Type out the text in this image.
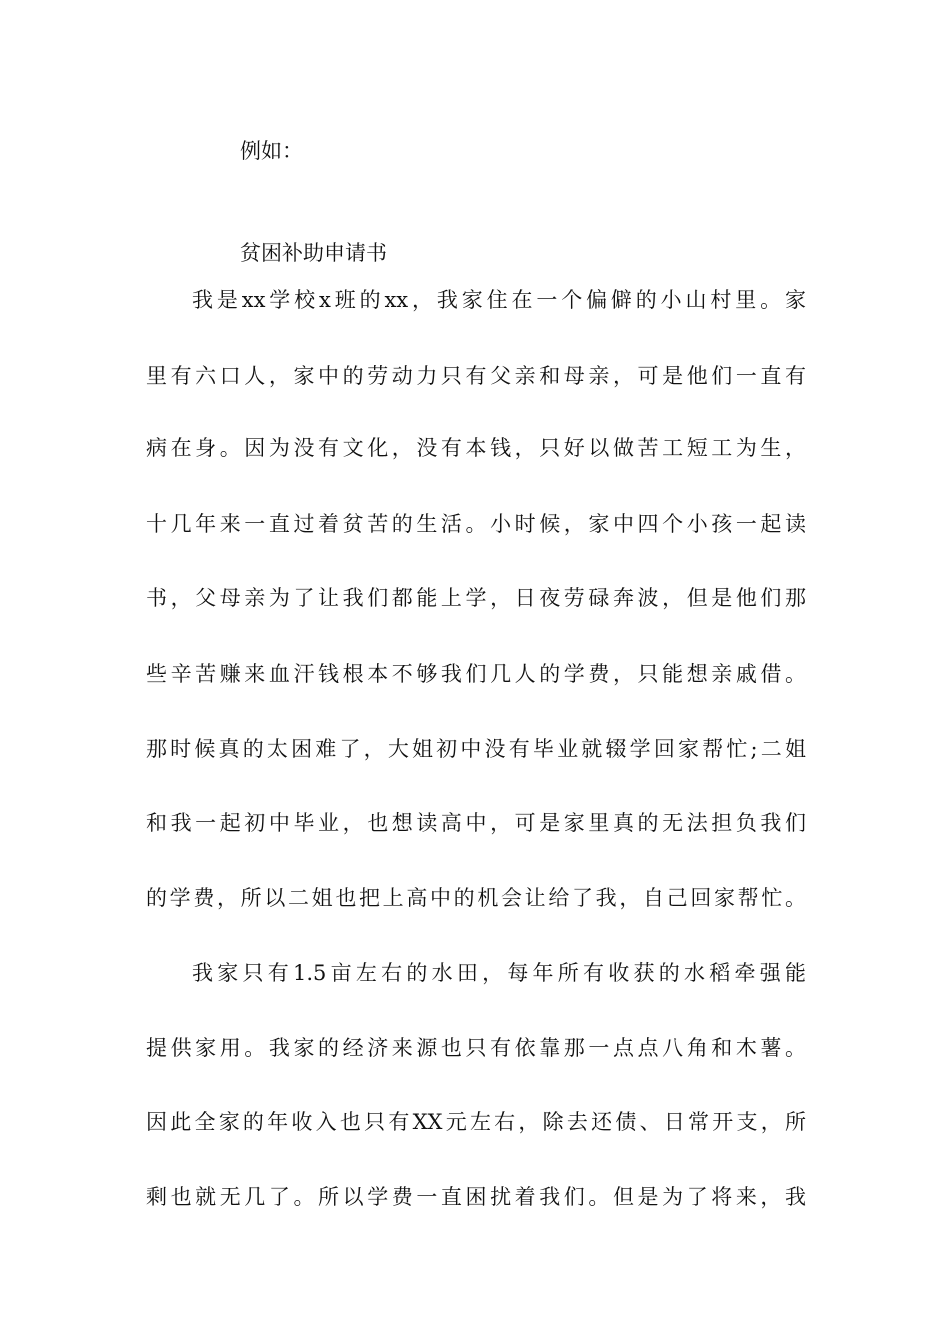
例如：
贫困补助申请书
我是xx学校x班的xx，我家住在一个偏僻的小山村里。家
里有六口人，家中的劳动力只有父亲和母亲，可是他们一直有
病在身。因为没有文化，没有本钱，只好以做苦工短工为生，
十几年来一直过着贫苦的生活。小时候，家中四个小孩一起读
书，父母亲为了让我们都能上学，日夜劳碌奔波，但是他们那
些辛苦赚来血汗钱根本不够我们几人的学费，只能想亲戚借。
那时候真的太困难了，大姐初中没有毕业就辍学回家帮忙;二姐
和我一起初中毕业，也想读高中，可是家里真的无法担负我们
的学费，所以二姐也把上高中的机会让给了我，自己回家帮忙。
我家只有1.5亩左右的水田，每年所有收获的水稻牵强能
提供家用。我家的经济来源也只有依靠那一点点八角和木薯。
因此全家的年收入也只有XX元左右，除去还债、日常开支，所
剩也就无几了。所以学费一直困扰着我们。但是为了将来，我
